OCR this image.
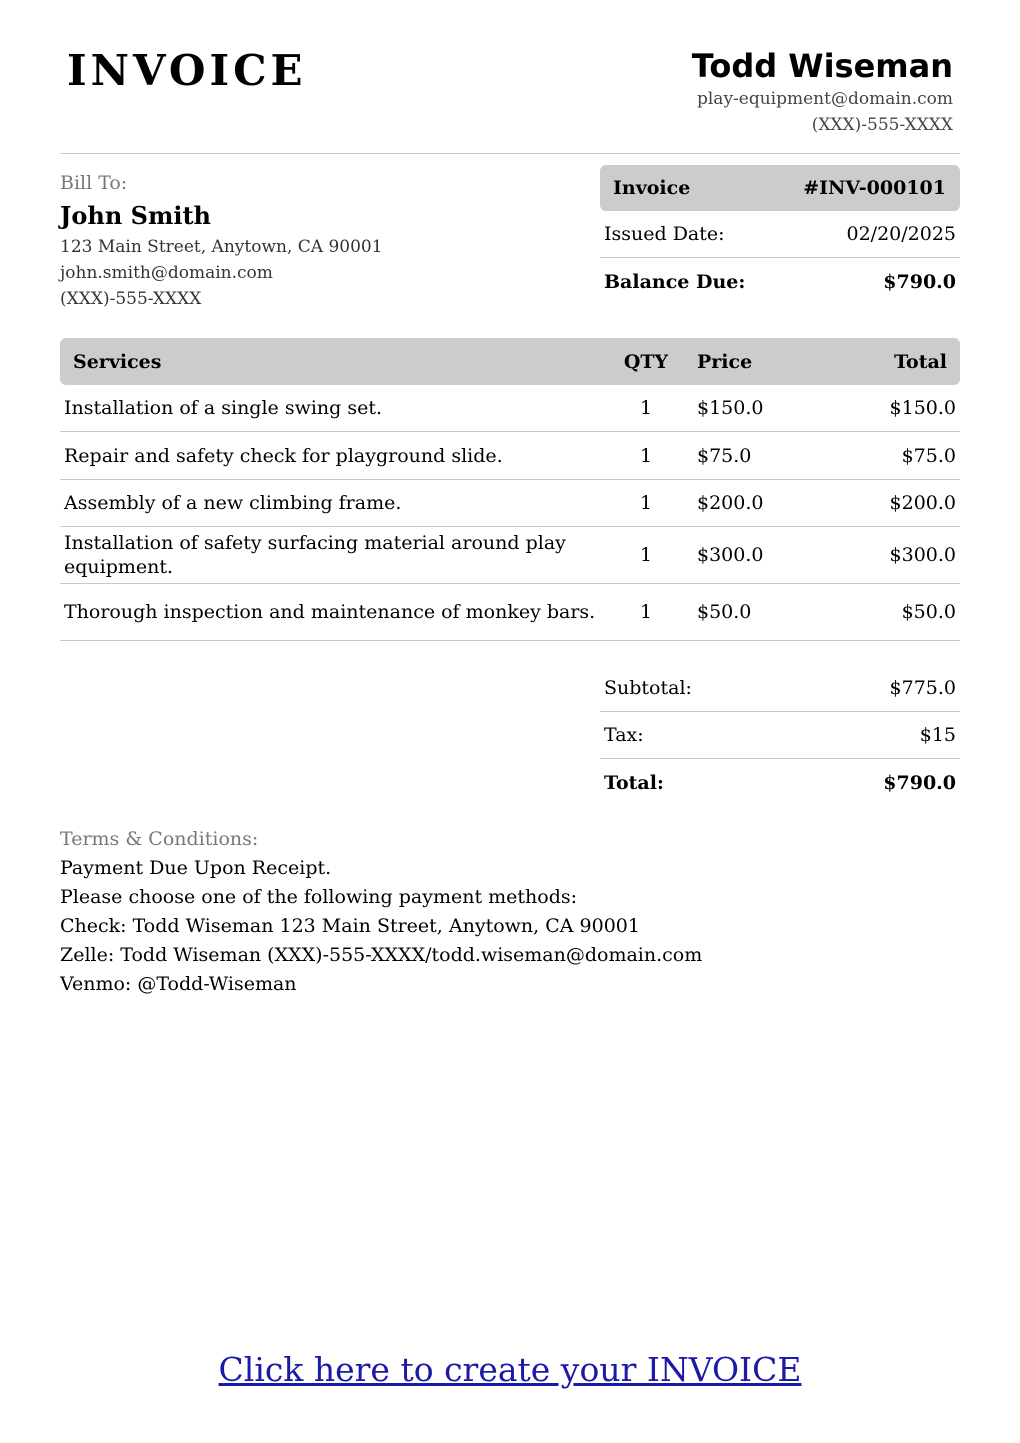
INVOICE	Todd Wiseman
play-equipment@domain.com
(XXX)-555-XXXX
Bill To:
John Smith
123 Main Street, Anytown, CA 90001
john.smith@domain.com
(XXX)-555-XXXX
Invoice	#INV-000101
Issued Date:	02/20/2025
Balance Due:	$790.0
Services	QTY	Price	Total
Installation of a single swing set.	1	$150.0	$150.0
Repair and safety check for playground slide.	1	$75.0	$75.0
Assembly of a new climbing frame.	1	$200.0	$200.0
Installation of safety surfacing material around play equipment.
1	$300.0	$300.0
Thorough inspection and maintenance of monkey bars.	1	$50.0	$50.0
Subtotal:	$775.0
Tax:	$15
Total:	$790.0
Terms & Conditions:
Payment Due Upon Receipt.
Please choose one of the following payment methods:
Check: Todd Wiseman 123 Main Street, Anytown, CA 90001
Zelle: Todd Wiseman (XXX)-555-XXXX/todd.wiseman@domain.com
Venmo: @Todd-Wiseman
Click here to create your INVOICE
